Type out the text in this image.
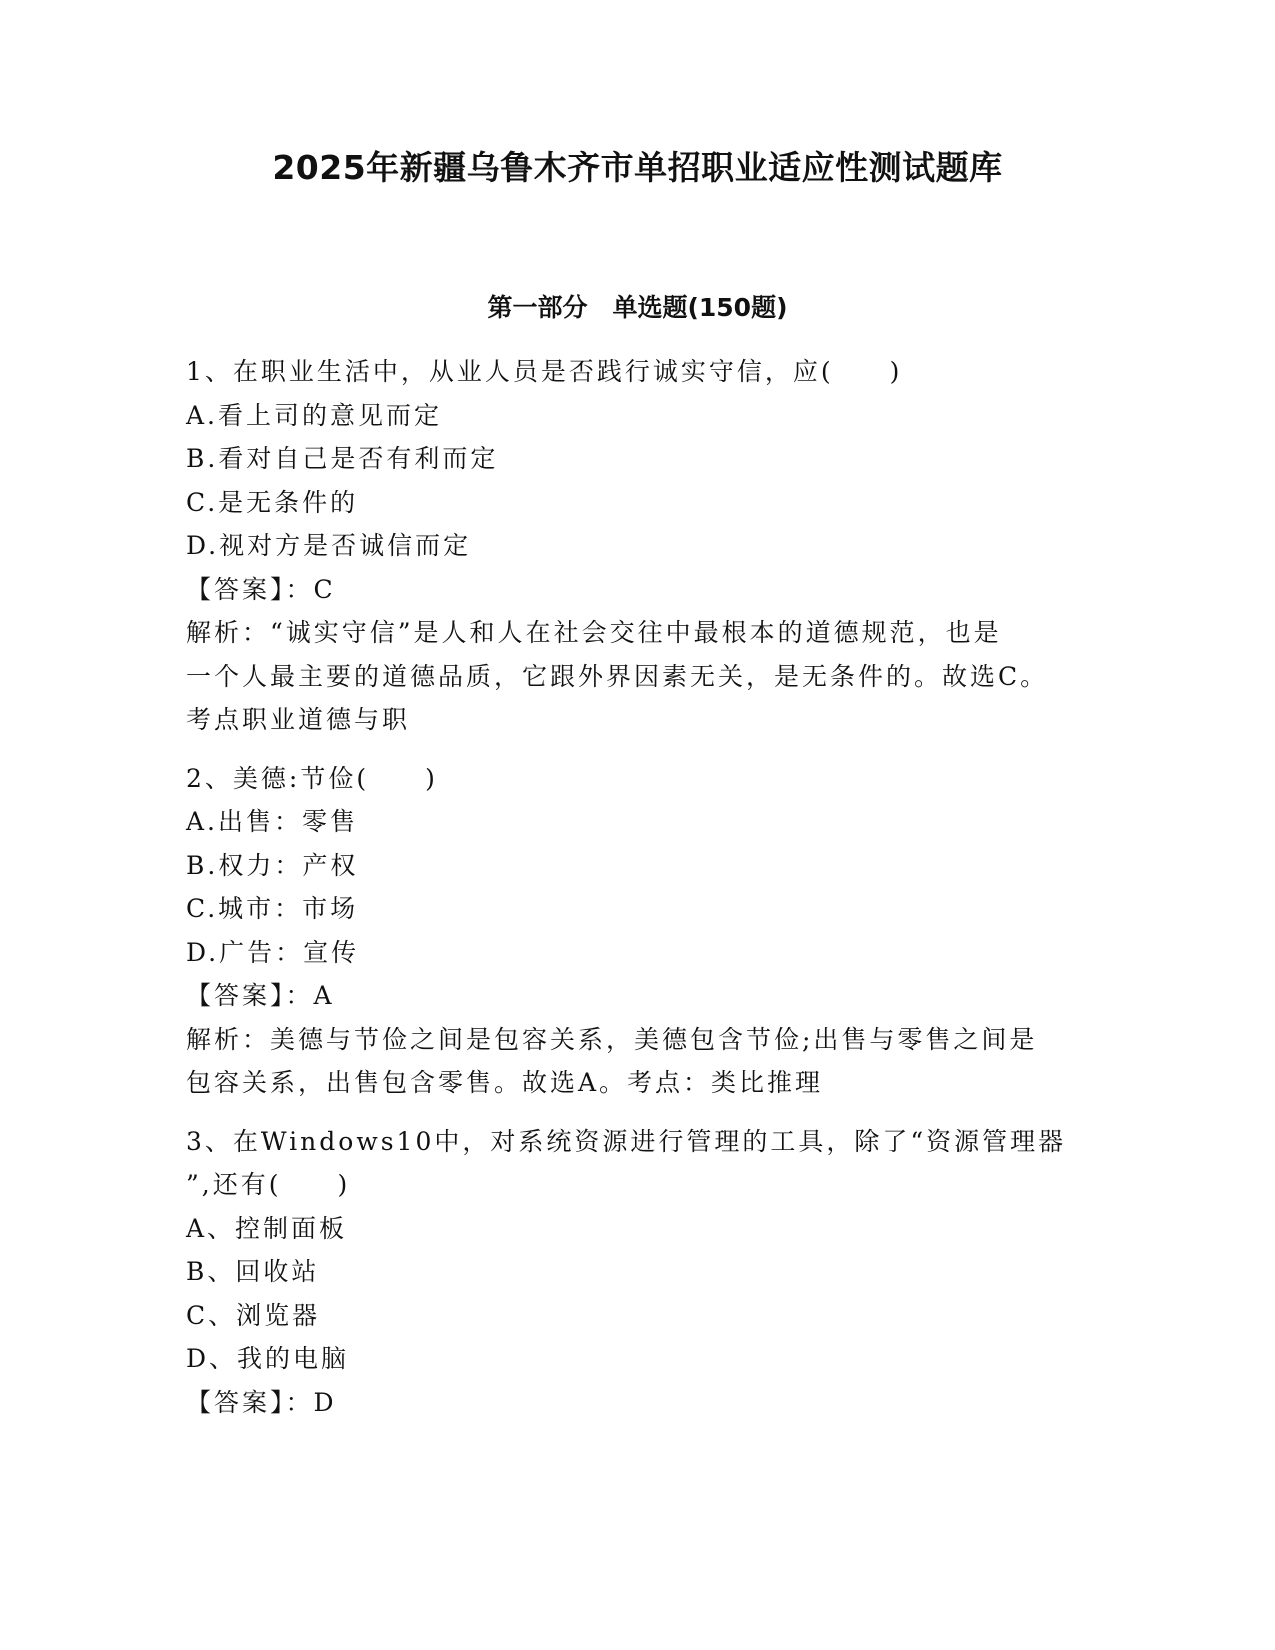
2025年新疆乌鲁木齐市单招职业适应性测试题库
第一部分　单选题(150题)

1、在职业生活中，从业人员是否践行诚实守信，应(　　)

A.看上司的意见而定

B.看对自己是否有利而定

C.是无条件的

D.视对方是否诚信而定

【答案】：C

解析：“诚实守信”是人和人在社会交往中最根本的道德规范，也是

一个人最主要的道德品质，它跟外界因素无关，是无条件的。故选C。

考点职业道德与职

2、美德:节俭(　　)

A.出售：零售

B.权力：产权

C.城市：市场

D.广告：宣传

【答案】：A

解析：美德与节俭之间是包容关系，美德包含节俭;出售与零售之间是

包容关系，出售包含零售。故选A。考点：类比推理

3、在Windows10中，对系统资源进行管理的工具，除了“资源管理器

”,还有(　　)

A、控制面板

B、回收站

C、浏览器

D、我的电脑

【答案】：D
